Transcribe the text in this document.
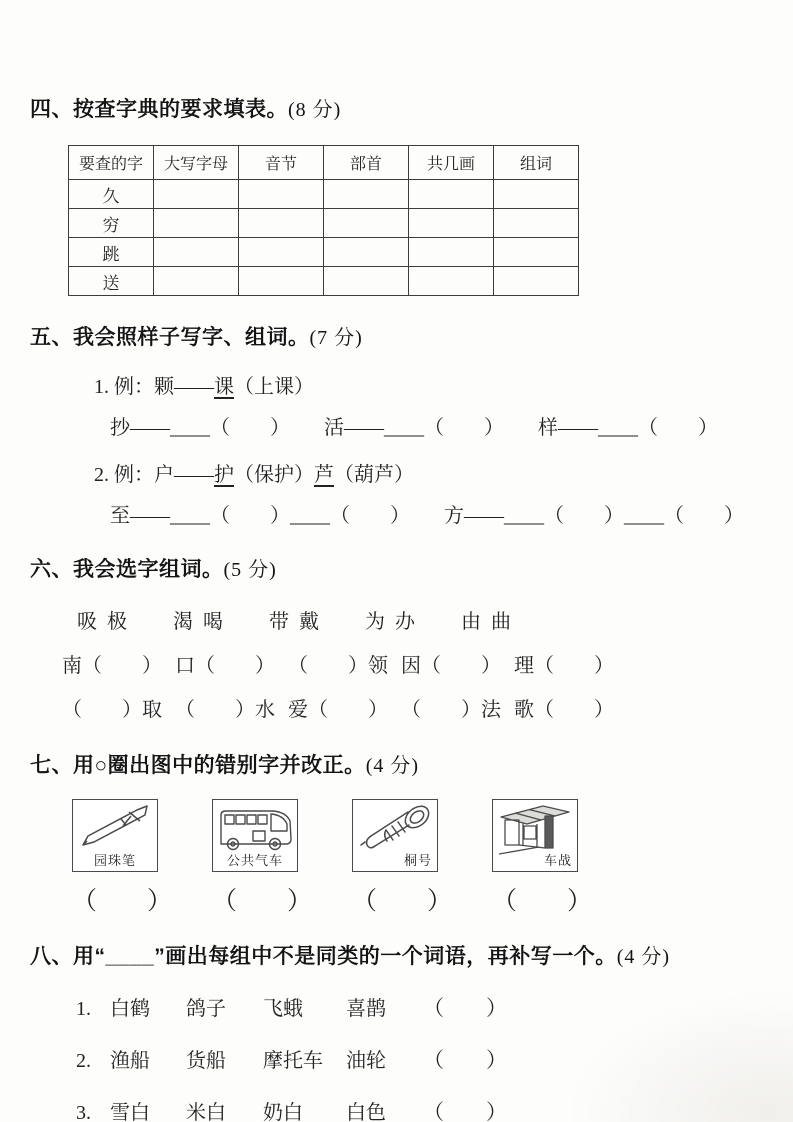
四、按查字典的要求填表。(8 分)
要查的字	大写字母	音节	部首	共几画	组词
久					
穷					
跳					
送					
五、我会照样子写字、组词。(7 分)
1. 例：颗——课（上课）
抄——____（　　） 活——____（　　） 样——____（　　）
2. 例：户——护（保护）芦（葫芦）
至——____（　　）____（　　） 方——____（　　）____（　　）
六、我会选字组词。(5 分)
吸 极 渴 喝 带 戴 为 办 由 曲
南（　　） 口（　　） （　　）领 因（　　） 理（　　）
（　　）取 （　　）水 爱（　　） （　　）法 歌（　　）
七、用○圈出图中的错别字并改正。(4 分)
园珠笔
（　　）
公共气车
（　　）
桐号
（　　）
车战
（　　）
八、用“____”画出每组中不是同类的一个词语，再补写一个。(4 分)
1. 白鹤	鸽子	飞蛾	喜鹊	（　　）
2. 渔船	货船	摩托车	油轮	（　　）
3. 雪白	米白	奶白	白色	（　　）
